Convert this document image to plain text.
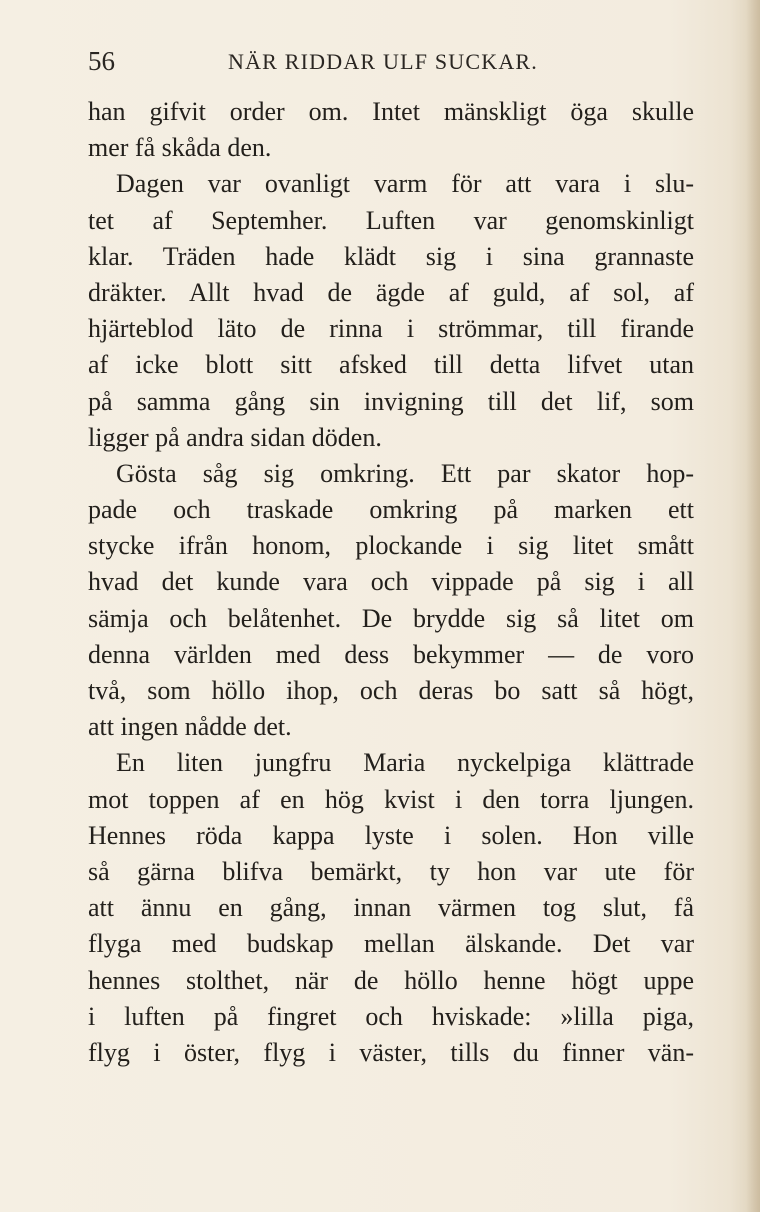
56	NÄR RIDDAR ULF SUCKAR.
han gifvit order om. Intet mänskligt öga skulle
mer få skåda den.
Dagen var ovanligt varm för att vara i slu-
tet af Septemher. Luften var genomskinligt
klar. Träden hade klädt sig i sina grannaste
dräkter. Allt hvad de ägde af guld, af sol, af
hjärteblod läto de rinna i strömmar, till firande
af icke blott sitt afsked till detta lifvet utan
på samma gång sin invigning till det lif, som
ligger på andra sidan döden.
Gösta såg sig omkring. Ett par skator hop-
pade och traskade omkring på marken ett
stycke ifrån honom, plockande i sig litet smått
hvad det kunde vara och vippade på sig i all
sämja och belåtenhet. De brydde sig så litet om
denna världen med dess bekymmer — de voro
två, som höllo ihop, och deras bo satt så högt,
att ingen nådde det.
En liten jungfru Maria nyckelpiga klättrade
mot toppen af en hög kvist i den torra ljungen.
Hennes röda kappa lyste i solen. Hon ville
så gärna blifva bemärkt, ty hon var ute för
att ännu en gång, innan värmen tog slut, få
flyga med budskap mellan älskande. Det var
hennes stolthet, när de höllo henne högt uppe
i luften på fingret och hviskade: »lilla piga,
flyg i öster, flyg i väster, tills du finner vän-
